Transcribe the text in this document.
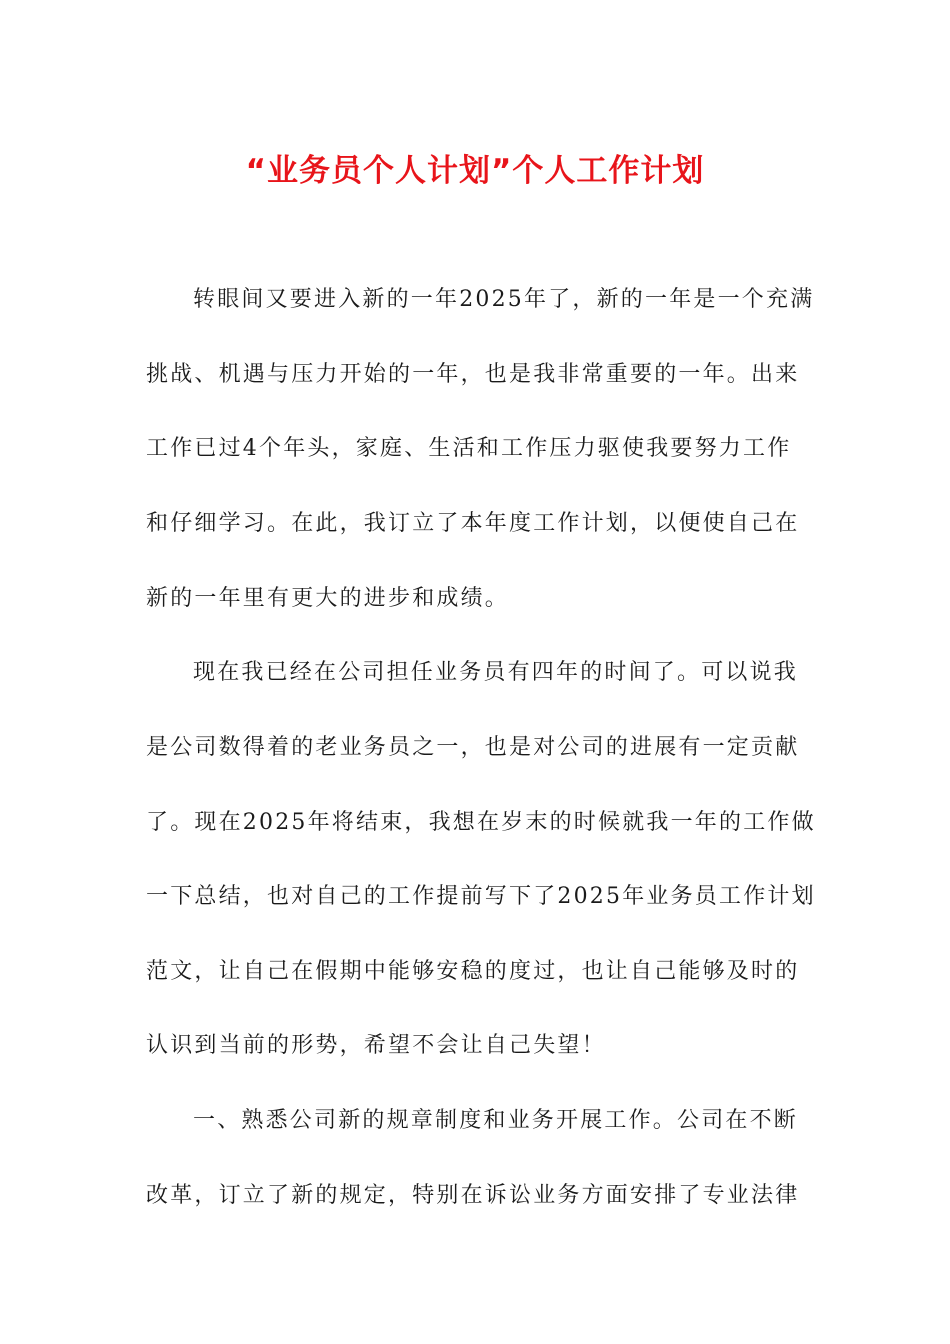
“业务员个人计划”个人工作计划

转眼间又要进入新的一年2025年了，新的一年是一个充满

挑战、机遇与压力开始的一年，也是我非常重要的一年。出来

工作已过4个年头，家庭、生活和工作压力驱使我要努力工作

和仔细学习。在此，我订立了本年度工作计划，以便使自己在

新的一年里有更大的进步和成绩。

现在我已经在公司担任业务员有四年的时间了。可以说我

是公司数得着的老业务员之一，也是对公司的进展有一定贡献

了。现在2025年将结束，我想在岁末的时候就我一年的工作做

一下总结，也对自己的工作提前写下了2025年业务员工作计划

范文，让自己在假期中能够安稳的度过，也让自己能够及时的

认识到当前的形势，希望不会让自己失望！

一、熟悉公司新的规章制度和业务开展工作。公司在不断

改革，订立了新的规定，特别在诉讼业务方面安排了专业法律
